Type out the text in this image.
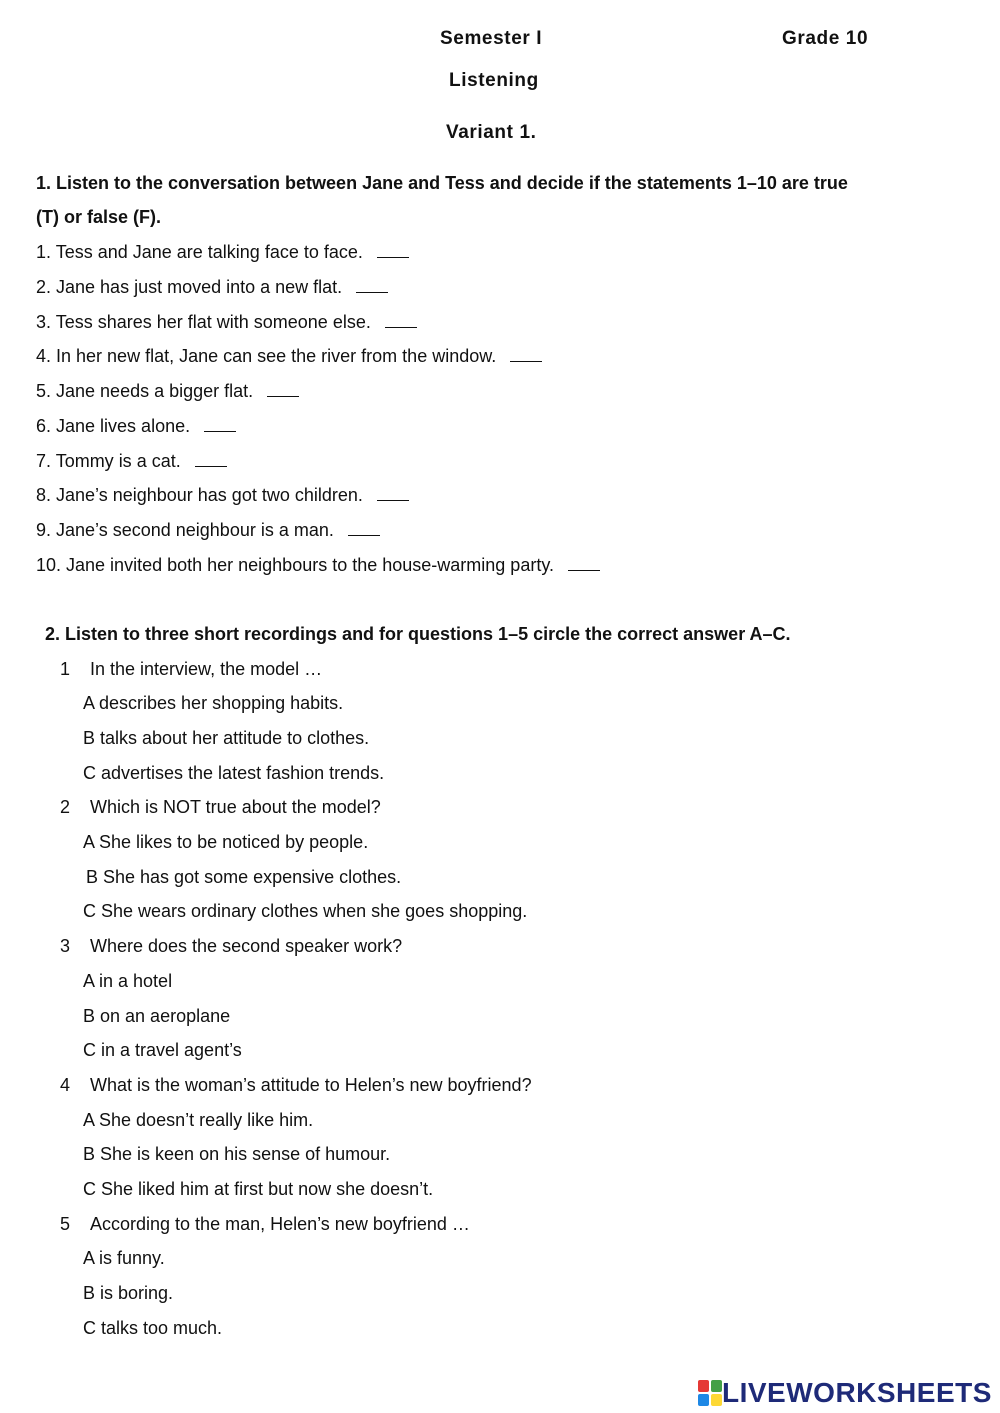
Semester I	Grade 10
Listening
Variant 1.
1. Listen to the conversation between Jane and Tess and decide if the statements 1–10 are true
(T) or false (F).
1. Tess and Jane are talking face to face.
2. Jane has just moved into a new flat.
3. Tess shares her flat with someone else.
4. In her new flat, Jane can see the river from the window.
5. Jane needs a bigger flat.
6. Jane lives alone.
7. Tommy is a cat.
8. Jane’s neighbour has got two children.
9. Jane’s second neighbour is a man.
10. Jane invited both her neighbours to the house-warming party.
2. Listen to three short recordings and for questions 1–5 circle the correct answer A–C.
1 In the interview, the model …
A describes her shopping habits.
B talks about her attitude to clothes.
C advertises the latest fashion trends.
2 Which is NOT true about the model?
A She likes to be noticed by people.
B She has got some expensive clothes.
C She wears ordinary clothes when she goes shopping.
3 Where does the second speaker work?
A in a hotel
B on an aeroplane
C in a travel agent’s
4 What is the woman’s attitude to Helen’s new boyfriend?
A She doesn’t really like him.
B She is keen on his sense of humour.
C She liked him at first but now she doesn’t.
5 According to the man, Helen’s new boyfriend …
A is funny.
B is boring.
C talks too much.
LIVEWORKSHEETS
